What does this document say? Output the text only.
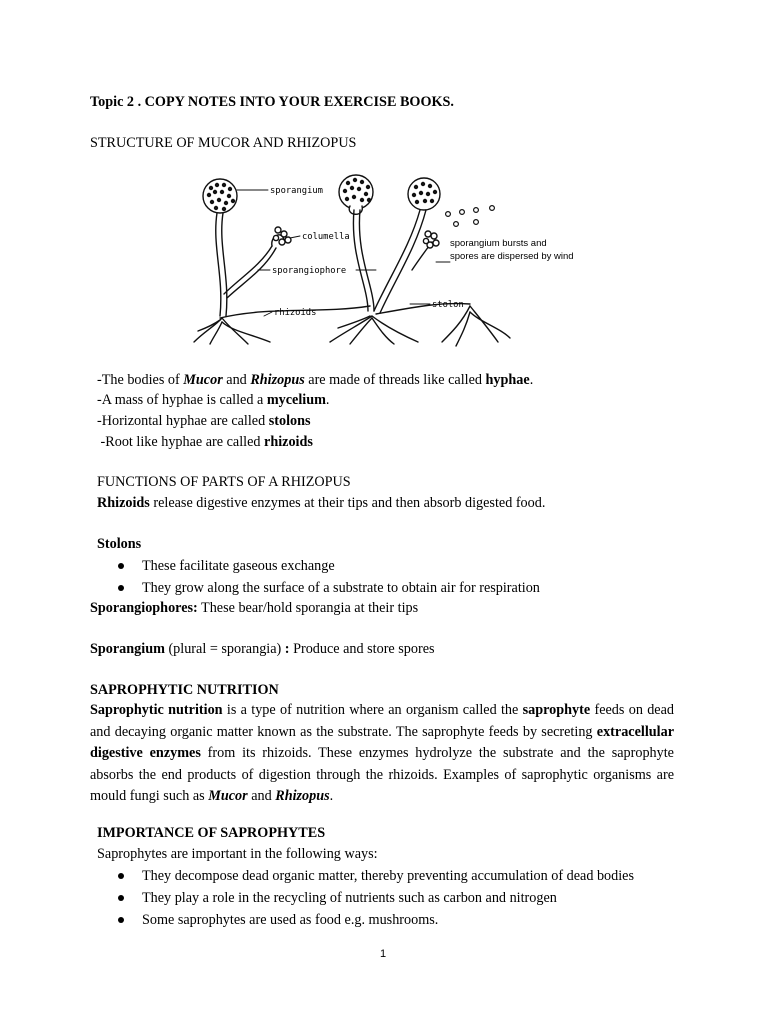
Topic 2 . COPY NOTES INTO YOUR EXERCISE BOOKS.
STRUCTURE OF MUCOR AND RHIZOPUS
sporangium
columella
sporangiophore
rhizoids
stolon
sporangium bursts and
spores are dispersed by wind
-The bodies of Mucor and Rhizopus are made of threads like called hyphae.
-A mass of hyphae is called a mycelium.
-Horizontal hyphae are called stolons
-Root like hyphae are called rhizoids
FUNCTIONS OF PARTS OF A RHIZOPUS
Rhizoids release digestive enzymes at their tips and then absorb digested food.
Stolons
These facilitate gaseous exchange
They grow along the surface of a substrate to obtain air for respiration
Sporangiophores: These bear/hold sporangia at their tips
Sporangium (plural = sporangia) : Produce and store spores
SAPROPHYTIC NUTRITION
Saprophytic nutrition is a type of nutrition where an organism called the saprophyte feeds on dead and decaying organic matter known as the substrate. The saprophyte feeds by secreting extracellular digestive enzymes from its rhizoids. These enzymes hydrolyze the substrate and the saprophyte absorbs the end products of digestion through the rhizoids. Examples of saprophytic organisms are mould fungi such as Mucor and Rhizopus.
IMPORTANCE OF SAPROPHYTES
Saprophytes are important in the following ways:
They decompose dead organic matter, thereby preventing accumulation of dead bodies
They play a role in the recycling of nutrients such as carbon and nitrogen
Some saprophytes are used as food e.g. mushrooms.
1
